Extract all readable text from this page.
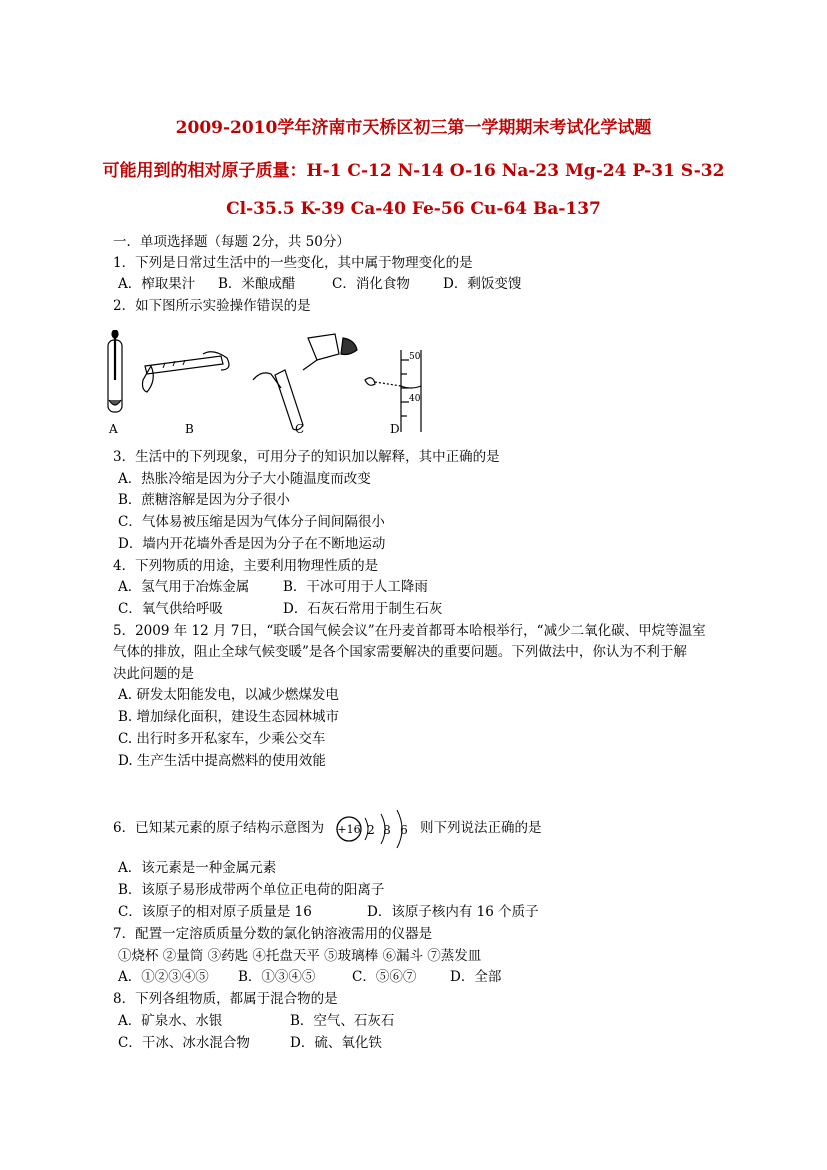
2009-2010学年济南市天桥区初三第一学期期末考试化学试题
可能用到的相对原子质量：H-1 C-12 N-14 O-16 Na-23 Mg-24 P-31 S-32
Cl-35.5 K-39 Ca-40 Fe-56 Cu-64 Ba-137
一．单项选择题（每题 2分，共 50分）
1．下列是日常过生活中的一些变化，其中属于物理变化的是
A．榨取果汁 B．米酿成醋	C．消化食物 D．剩饭变馊
2．如下图所示实验操作错误的是
A	B	C	D
50
40
3．生活中的下列现象，可用分子的知识加以解释，其中正确的是
A．热胀冷缩是因为分子大小随温度而改变
B．蔗糖溶解是因为分子很小
C．气体易被压缩是因为气体分子间间隔很小
D．墙内开花墙外香是因为分子在不断地运动
4．下列物质的用途，主要利用物理性质的是
A．氢气用于冶炼金属	B．干冰可用于人工降雨
C．氧气供给呼吸	D．石灰石常用于制生石灰
5．2009 年 12 月 7日，“联合国气候会议”在丹麦首都哥本哈根举行，“减少二氧化碳、甲烷等温室
气体的排放，阻止全球气候变暖”是各个国家需要解决的重要问题。下列做法中，你认为不利于解
决此问题的是
A. 研发太阳能发电，以减少燃煤发电
B. 增加绿化面积，建设生态园林城市
C. 出行时多开私家车，少乘公交车
D. 生产生活中提高燃料的使用效能
6．已知某元素的原子结构示意图为 +16 2 8 6 则下列说法正确的是
A．该元素是一种金属元素
B．该原子易形成带两个单位正电荷的阳离子
C．该原子的相对原子质量是 16	D．该原子核内有 16 个质子
7．配置一定溶质质量分数的氯化钠溶液需用的仪器是
①烧杯 ②量筒 ③药匙 ④托盘天平 ⑤玻璃棒 ⑥漏斗 ⑦蒸发皿
A．①②③④⑤ B．①③④⑤	C．⑤⑥⑦ D．全部
8．下列各组物质，都属于混合物的是
A．矿泉水、水银	B．空气、石灰石
C．干冰、冰水混合物	D．硫、氧化铁
